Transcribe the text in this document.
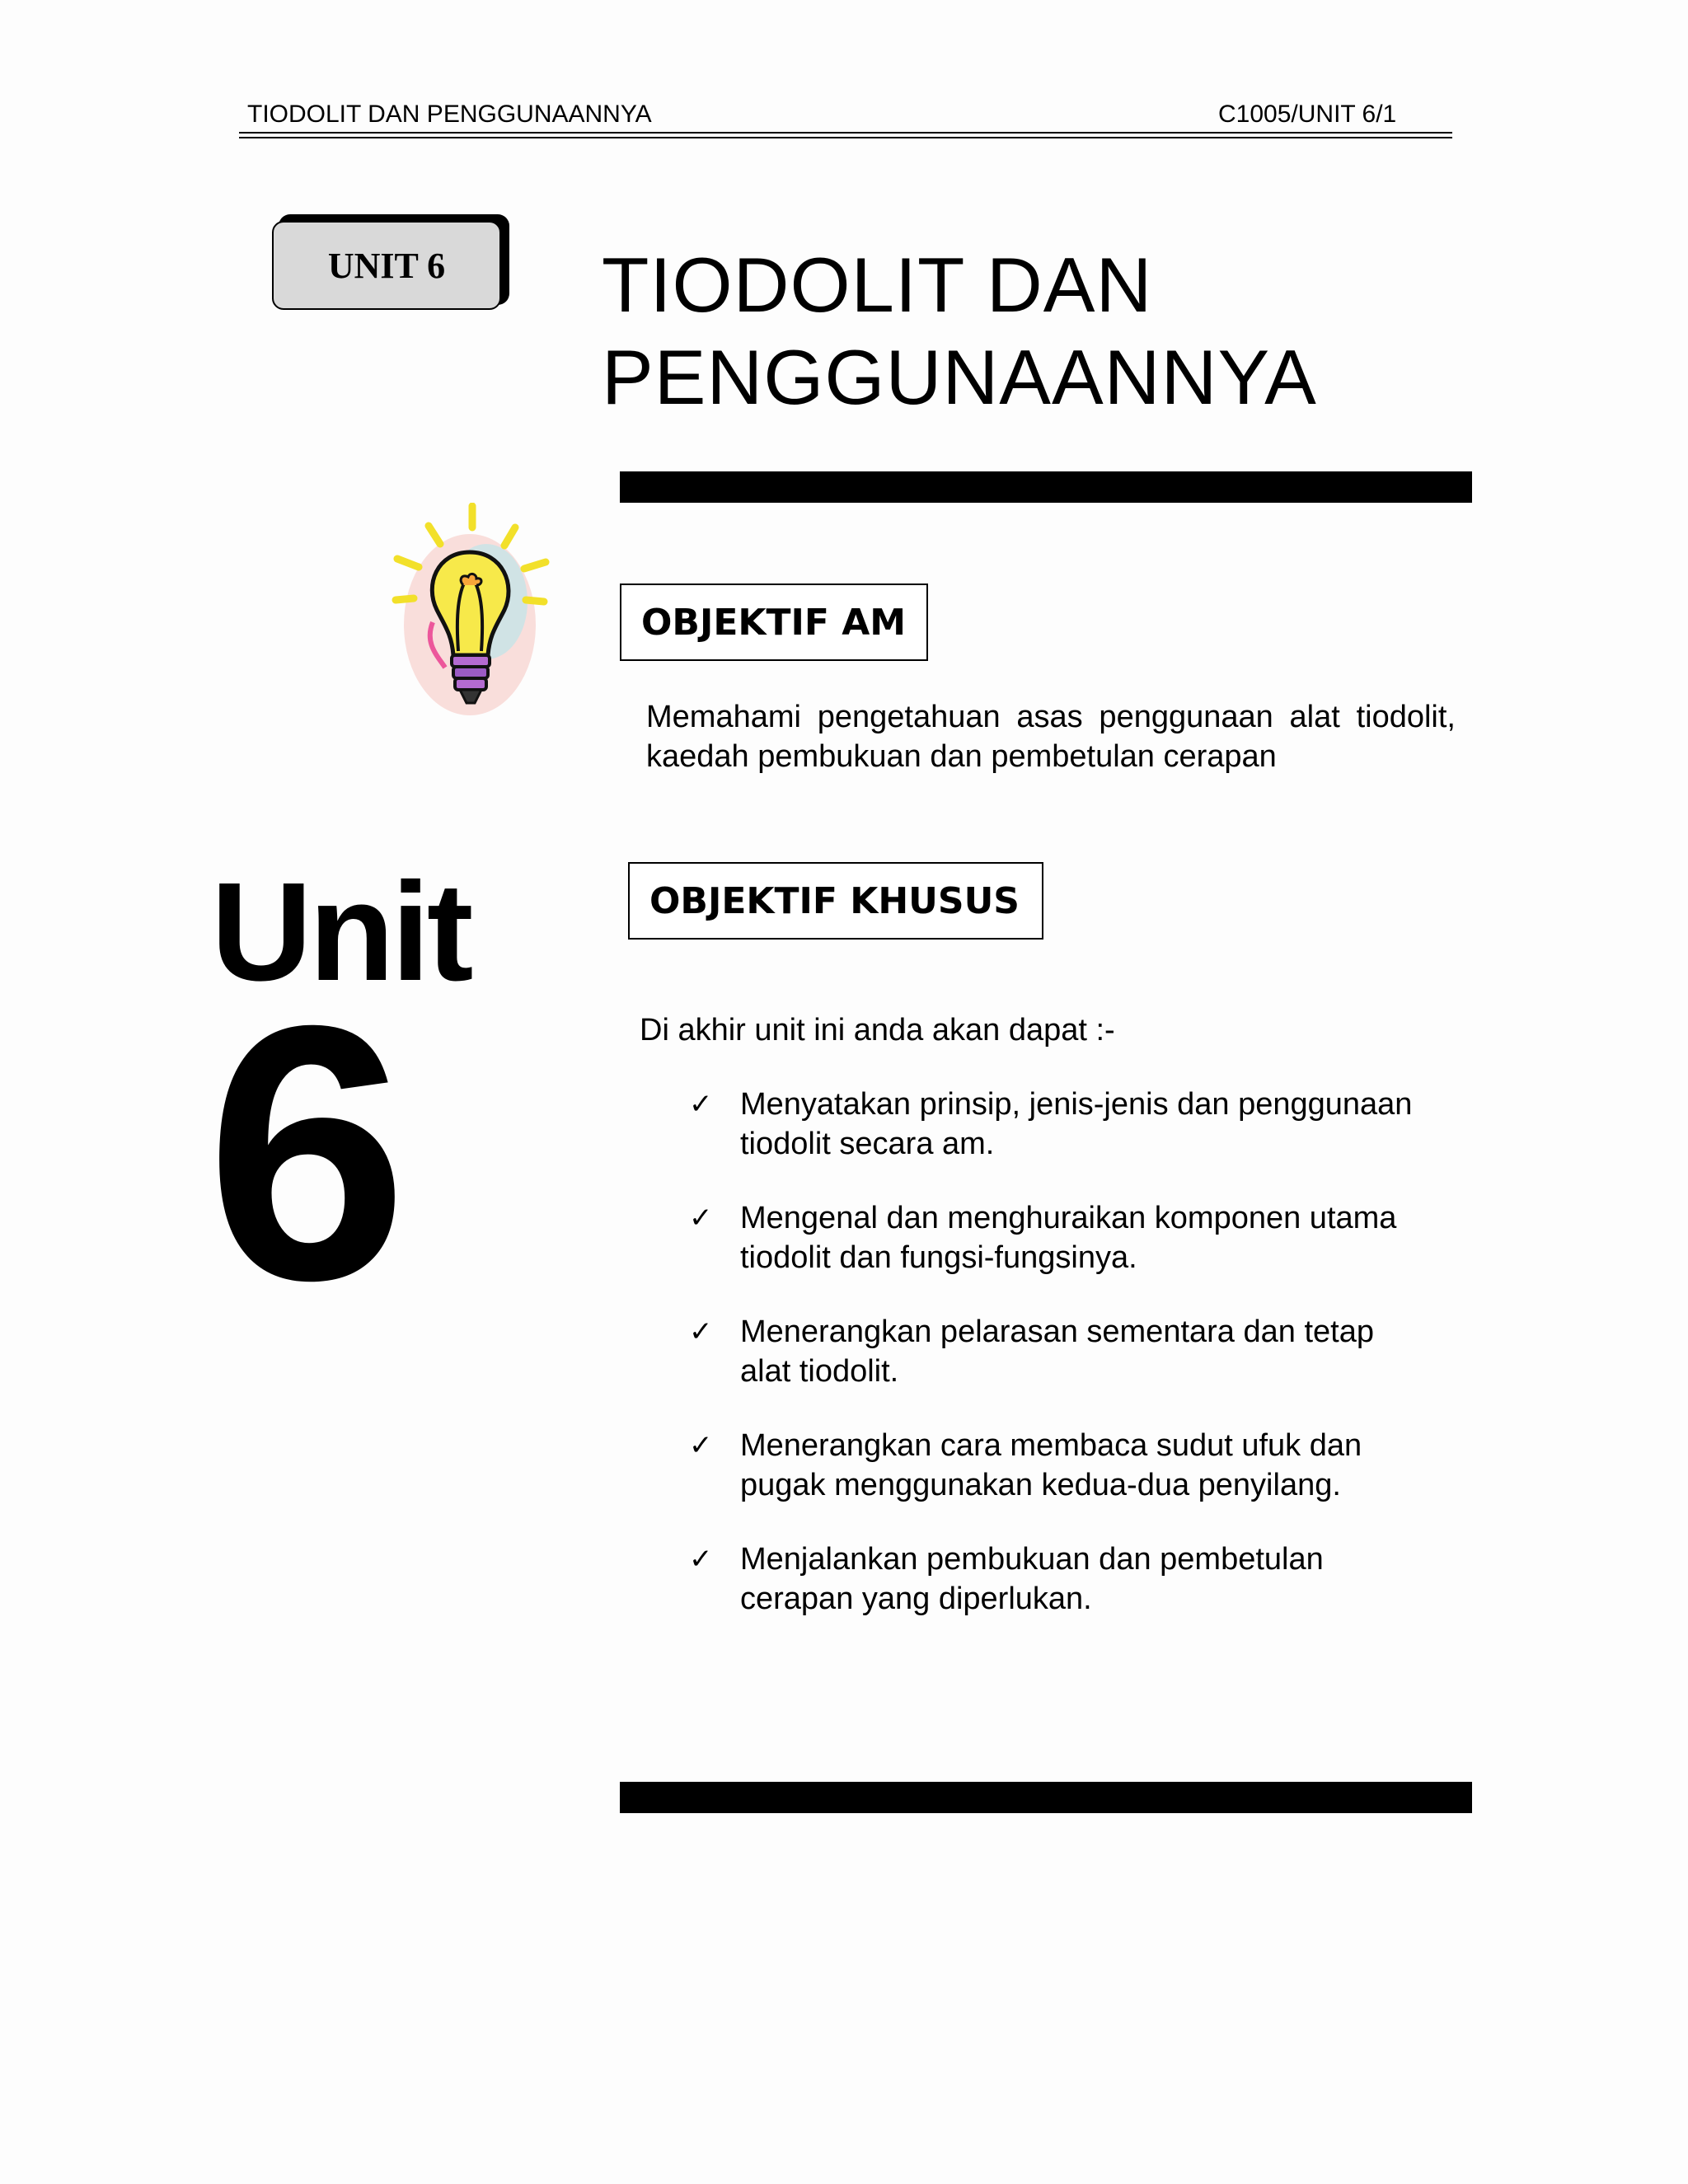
TIODOLIT DAN PENGGUNAANNYA	C1005/UNIT 6/1
UNIT 6	TIODOLIT DAN
PENGGUNAANNYA
OBJEKTIF AM
Memahami pengetahuan asas penggunaan alat tiodolit, kaedah pembukuan dan pembetulan cerapan
Unit
6
OBJEKTIF KHUSUS
Di akhir unit ini anda akan dapat :-
✓ Menyatakan prinsip, jenis-jenis dan penggunaan
tiodolit secara am.
✓ Mengenal dan menghuraikan komponen utama
tiodolit dan fungsi-fungsinya.
✓ Menerangkan pelarasan sementara dan tetap
alat tiodolit.
✓ Menerangkan cara membaca sudut ufuk dan
pugak menggunakan kedua-dua penyilang.
✓ Menjalankan pembukuan dan pembetulan
cerapan yang diperlukan.
